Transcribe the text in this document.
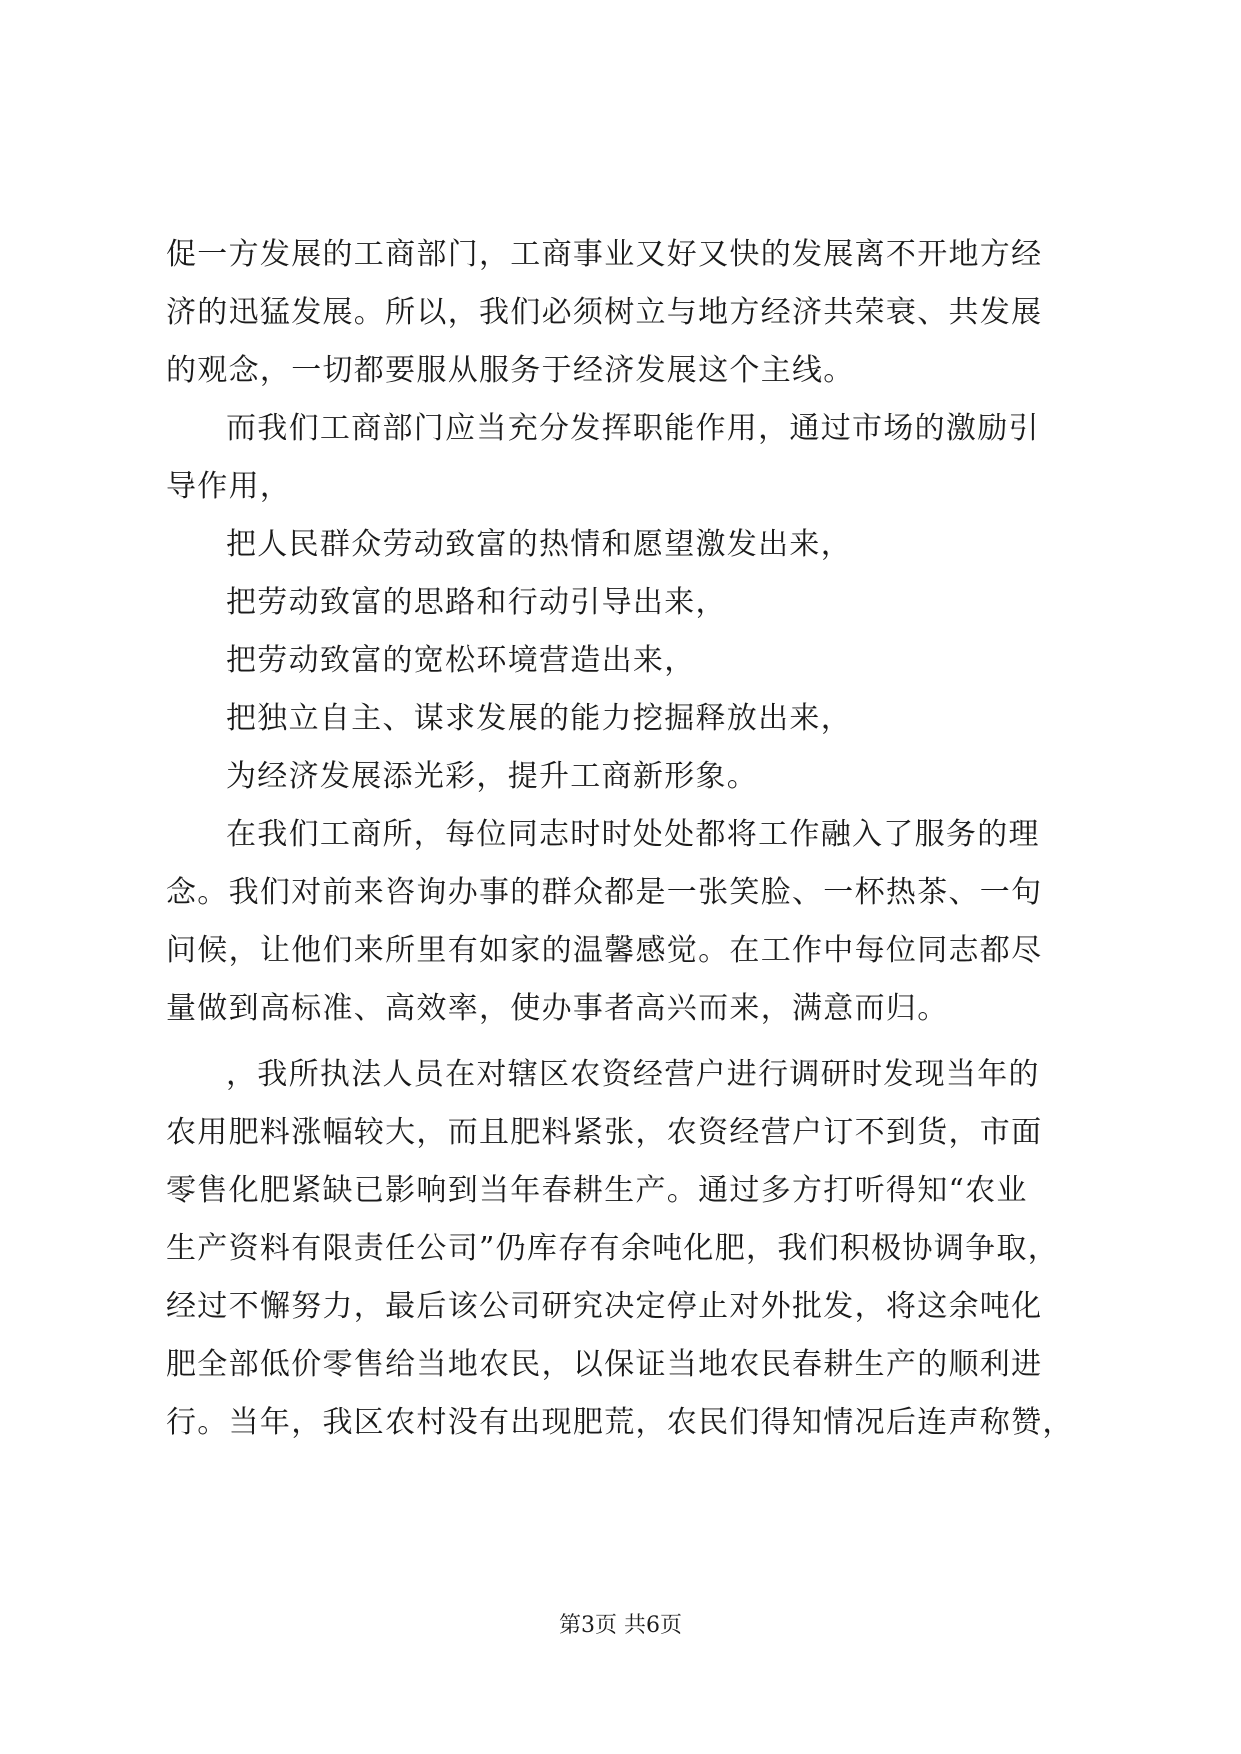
促一方发展的工商部门，工商事业又好又快的发展离不开地方经
济的迅猛发展。所以，我们必须树立与地方经济共荣衰、共发展
的观念，一切都要服从服务于经济发展这个主线。
而我们工商部门应当充分发挥职能作用，通过市场的激励引
导作用，
把人民群众劳动致富的热情和愿望激发出来，
把劳动致富的思路和行动引导出来，
把劳动致富的宽松环境营造出来，
把独立自主、谋求发展的能力挖掘释放出来，
为经济发展添光彩，提升工商新形象。
在我们工商所，每位同志时时处处都将工作融入了服务的理
念。我们对前来咨询办事的群众都是一张笑脸、一杯热茶、一句
问候，让他们来所里有如家的温馨感觉。在工作中每位同志都尽
量做到高标准、高效率，使办事者高兴而来，满意而归。
，我所执法人员在对辖区农资经营户进行调研时发现当年的
农用肥料涨幅较大，而且肥料紧张，农资经营户订不到货，市面
零售化肥紧缺已影响到当年春耕生产。通过多方打听得知“农业
生产资料有限责任公司”仍库存有余吨化肥，我们积极协调争取，
经过不懈努力，最后该公司研究决定停止对外批发，将这余吨化
肥全部低价零售给当地农民，以保证当地农民春耕生产的顺利进
行。当年，我区农村没有出现肥荒，农民们得知情况后连声称赞，
第3页 共6页
